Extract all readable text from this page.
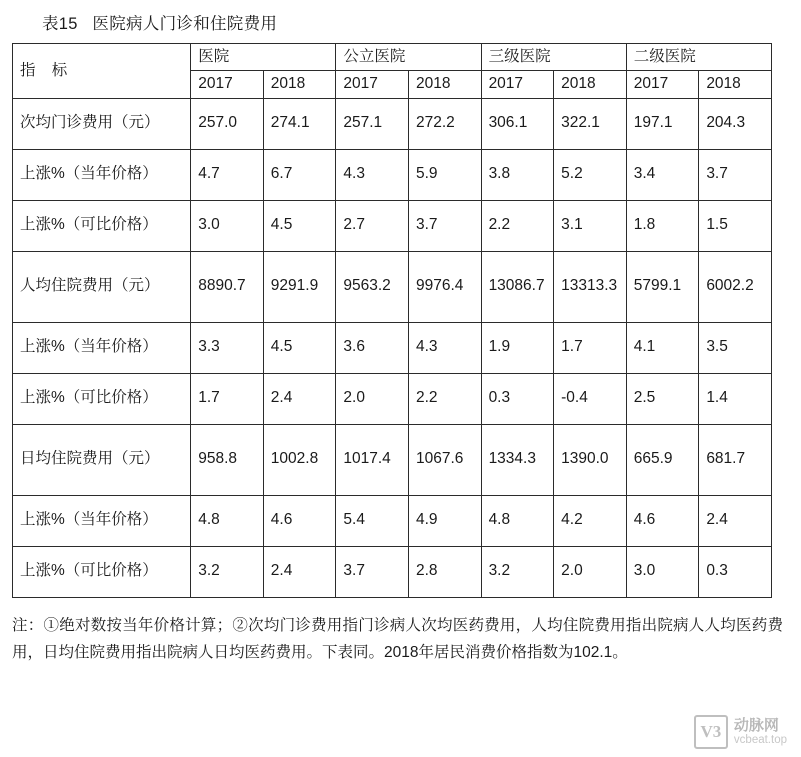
表15   医院病人门诊和住院费用
指 标	医院		公立医院		三级医院		二级医院	
	2017	2018	2017	2018	2017	2018	2017	2018
次均门诊费用（元）	257.0	274.1	257.1	272.2	306.1	322.1	197.1	204.3
上涨%（当年价格）	4.7	6.7	4.3	5.9	3.8	5.2	3.4	3.7
上涨%（可比价格）	3.0	4.5	2.7	3.7	2.2	3.1	1.8	1.5
人均住院费用（元）	8890.7	9291.9	9563.2	9976.4	13086.7	13313.3	5799.1	6002.2
上涨%（当年价格）	3.3	4.5	3.6	4.3	1.9	1.7	4.1	3.5
上涨%（可比价格）	1.7	2.4	2.0	2.2	0.3	-0.4	2.5	1.4
日均住院费用（元）	958.8	1002.8	1017.4	1067.6	1334.3	1390.0	665.9	681.7
上涨%（当年价格）	4.8	4.6	5.4	4.9	4.8	4.2	4.6	2.4
上涨%（可比价格）	3.2	2.4	3.7	2.8	3.2	2.0	3.0	0.3

注：①绝对数按当年价格计算；②次均门诊费用指门诊病人次均医药费用，人均住院费用指出院病人人均医药费用，日均住院费用指出院病人日均医药费用。下表同。2018年居民消费价格指数为102.1。

V3 动脉网
vcbeat.top
